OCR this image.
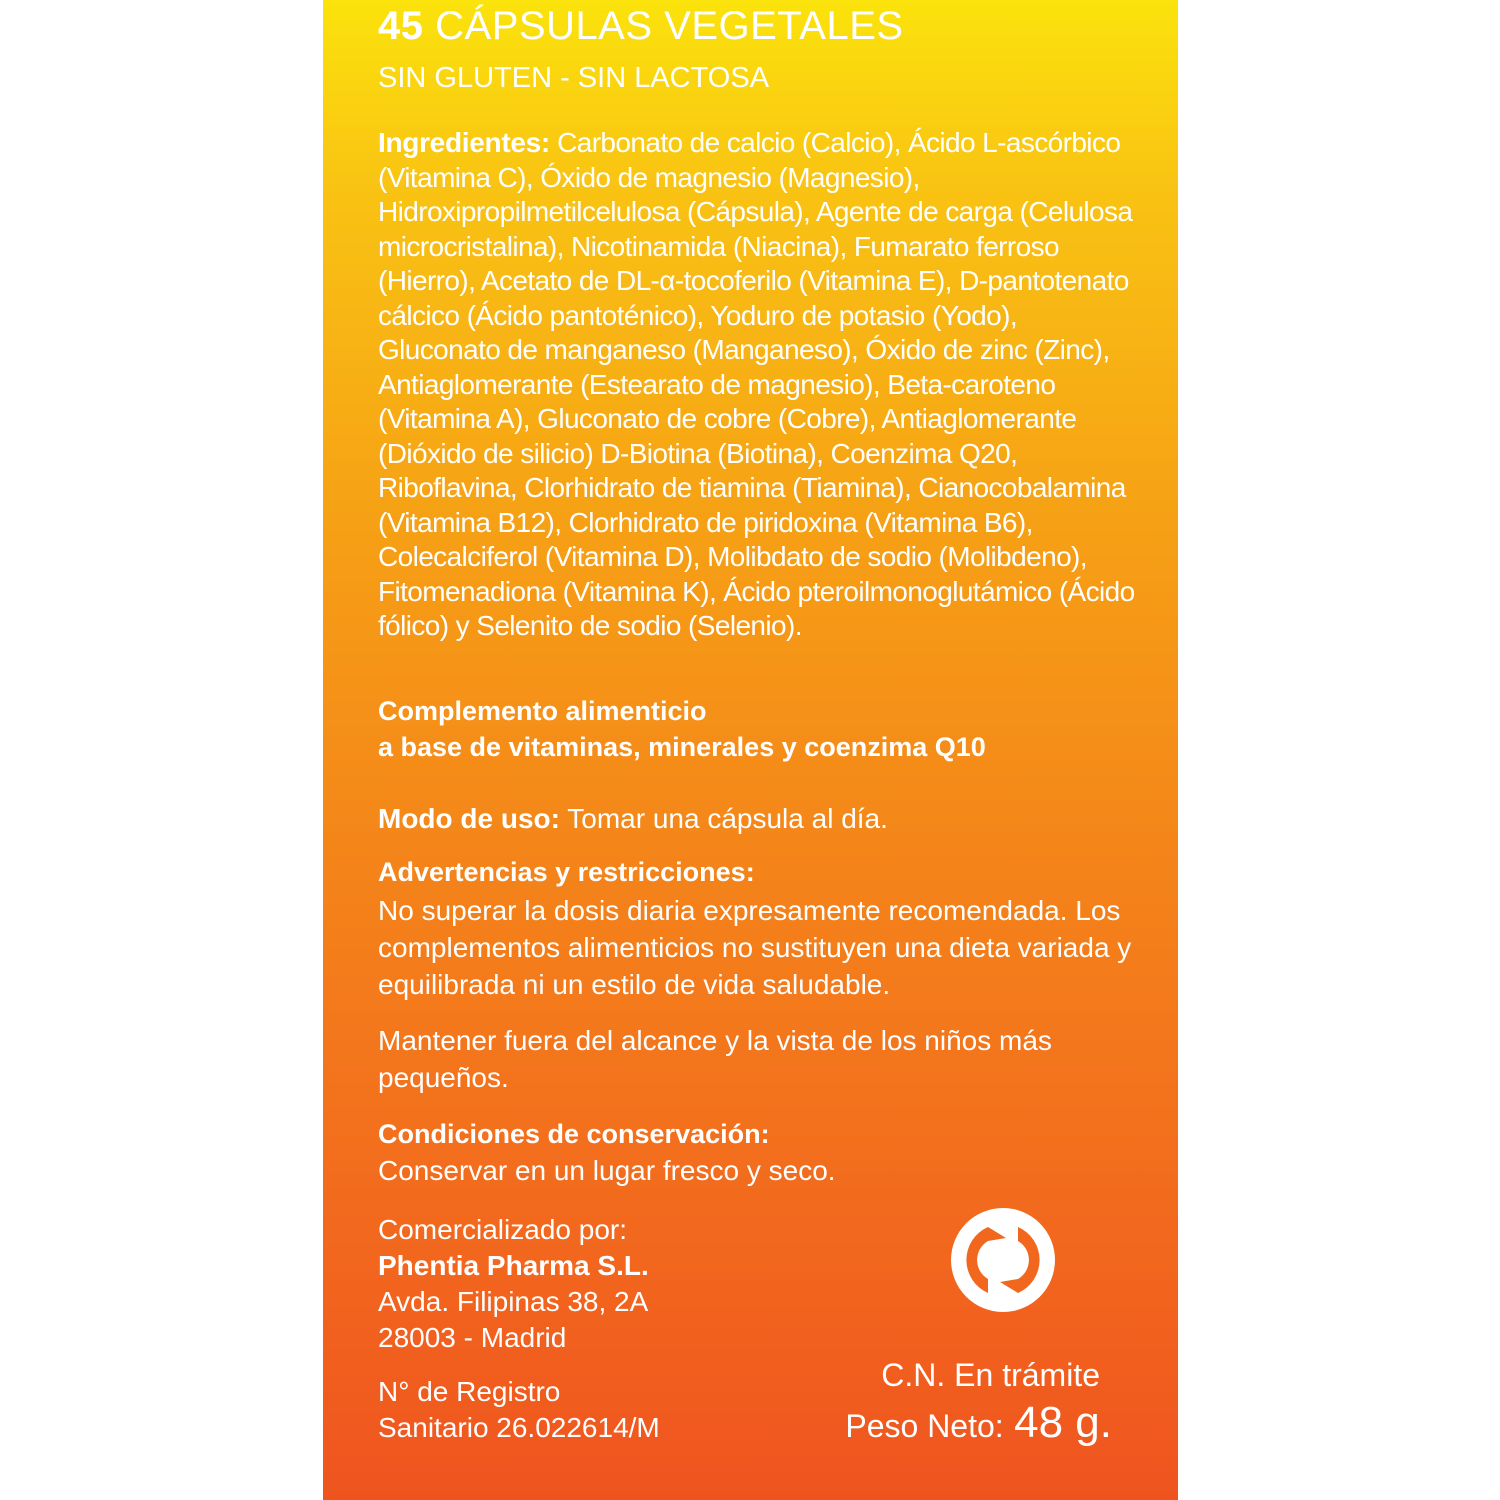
45 CÁPSULAS VEGETALES
SIN GLUTEN - SIN LACTOSA
Ingredientes: Carbonato de calcio (Calcio), Ácido L-ascórbico (Vitamina C), Óxido de magnesio (Magnesio), Hidroxipropilmetilcelulosa (Cápsula), Agente de carga (Celulosa microcristalina), Nicotinamida (Niacina), Fumarato ferroso (Hierro), Acetato de DL-α-tocoferilo (Vitamina E), D-pantotenato cálcico (Ácido pantoténico), Yoduro de potasio (Yodo), Gluconato de manganeso (Manganeso), Óxido de zinc (Zinc), Antiaglomerante (Estearato de magnesio), Beta-caroteno (Vitamina A), Gluconato de cobre (Cobre), Antiaglomerante (Dióxido de silicio) D-Biotina (Biotina), Coenzima Q20, Riboflavina, Clorhidrato de tiamina (Tiamina), Cianocobalamina (Vitamina B12), Clorhidrato de piridoxina (Vitamina B6), Colecalciferol (Vitamina D), Molibdato de sodio (Molibdeno), Fitomenadiona (Vitamina K), Ácido pteroilmonoglutámico (Ácido fólico) y Selenito de sodio (Selenio).
Complemento alimenticio
a base de vitaminas, minerales y coenzima Q10
Modo de uso: Tomar una cápsula al día.
Advertencias y restricciones:
No superar la dosis diaria expresamente recomendada. Los complementos alimenticios no sustituyen una dieta variada y equilibrada ni un estilo de vida saludable.
Mantener fuera del alcance y la vista de los niños más pequeños.
Condiciones de conservación:
Conservar en un lugar fresco y seco.
Comercializado por:
Phentia Pharma S.L.
Avda. Filipinas 38, 2A
28003 - Madrid
N° de Registro
Sanitario 26.022614/M
C.N. En trámite
Peso Neto: 48 g.
